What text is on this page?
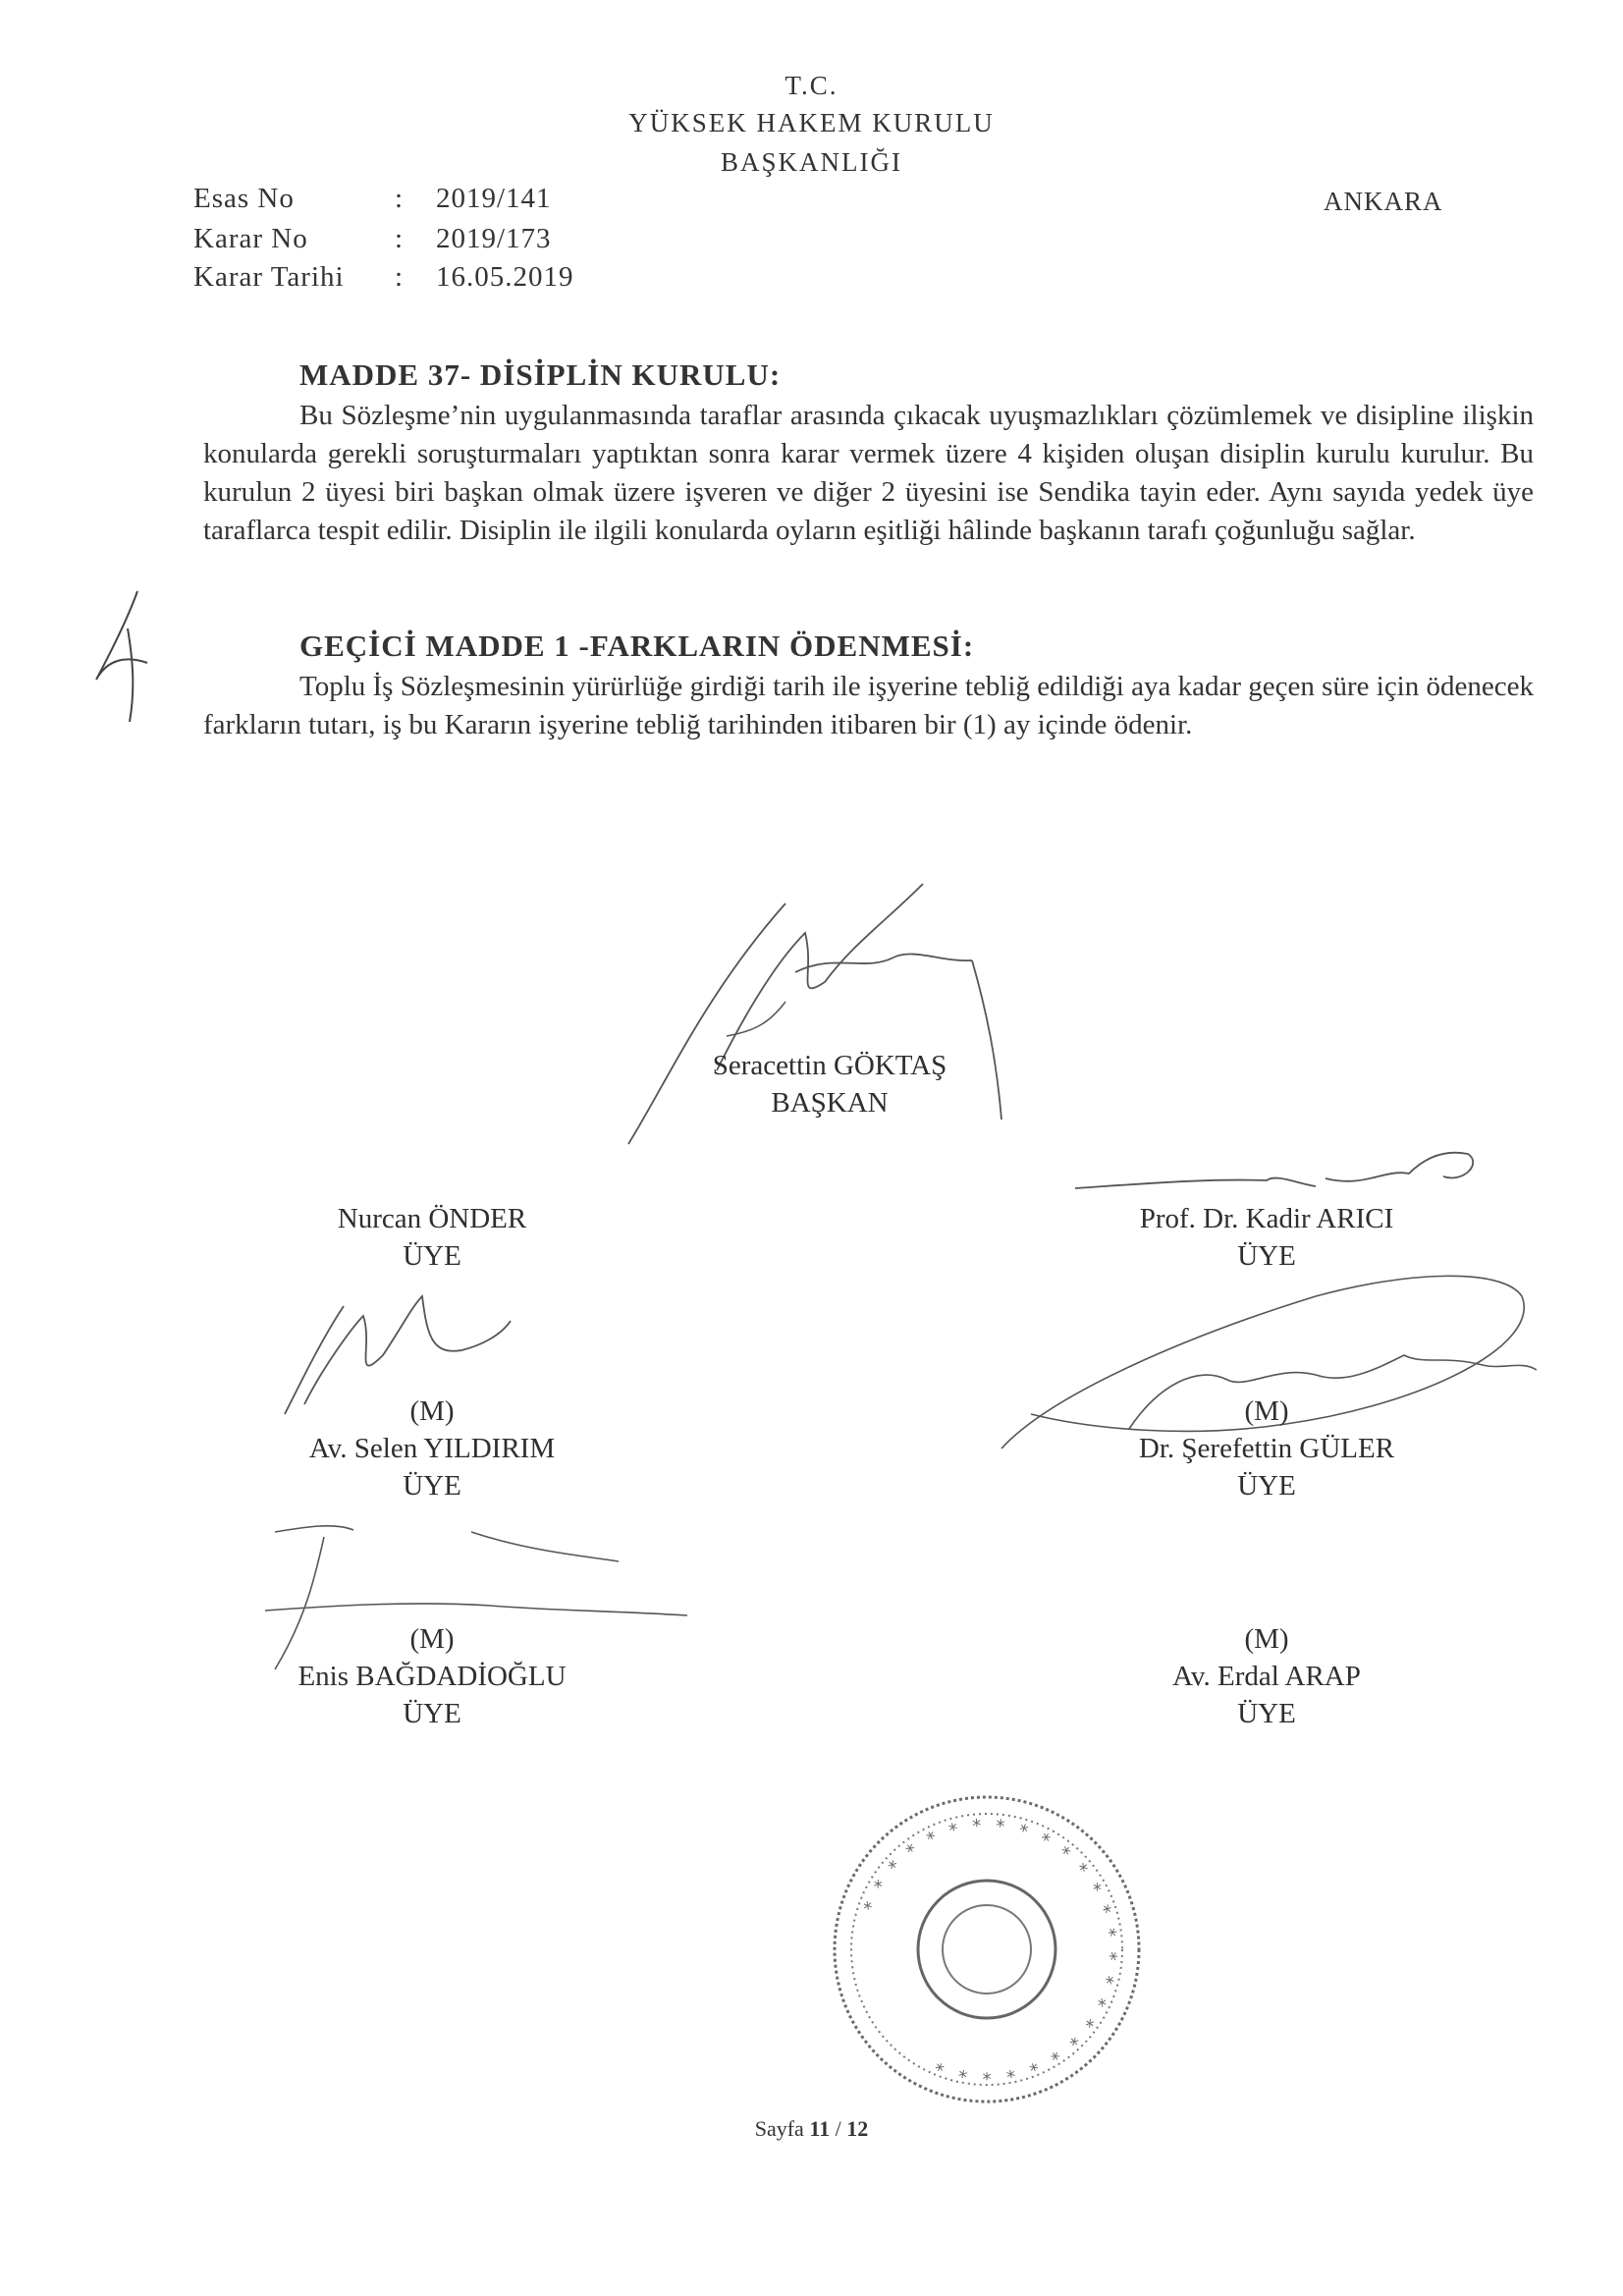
T.C.
YÜKSEK HAKEM KURULU
BAŞKANLIĞI
ANKARA
Esas No	: 2019/141
Karar No	: 2019/173
Karar Tarihi : 16.05.2019
MADDE 37- DİSİPLİN KURULU:
Bu Sözleşme’nin uygulanmasında taraflar arasında çıkacak uyuşmazlıkları çözümlemek ve disipline ilişkin konularda gerekli soruşturmaları yaptıktan sonra karar vermek üzere 4 kişiden oluşan disiplin kurulu kurulur. Bu kurulun 2 üyesi biri başkan olmak üzere işveren ve diğer 2 üyesini ise Sendika tayin eder. Aynı sayıda yedek üye taraflarca tespit edilir. Disiplin ile ilgili konularda oyların eşitliği hâlinde başkanın tarafı çoğunluğu sağlar.
GEÇİCİ MADDE 1 -FARKLARIN ÖDENMESİ:
Toplu İş Sözleşmesinin yürürlüğe girdiği tarih ile işyerine tebliğ edildiği aya kadar geçen süre için ödenecek farkların tutarı, iş bu Kararın işyerine tebliğ tarihinden itibaren bir (1) ay içinde ödenir.
Seracettin GÖKTAŞ
BAŞKAN
Nurcan ÖNDER
ÜYE
Prof. Dr. Kadir ARICI
ÜYE
(M)
Av. Selen YILDIRIM
ÜYE
(M)
Dr. Şerefettin GÜLER
ÜYE
(M)
Enis BAĞDADİOĞLU
ÜYE
(M)
Av. Erdal ARAP
ÜYE
* * * * * * * * * * * * * * * * * * * * * * * * * *
Sayfa 11 / 12
